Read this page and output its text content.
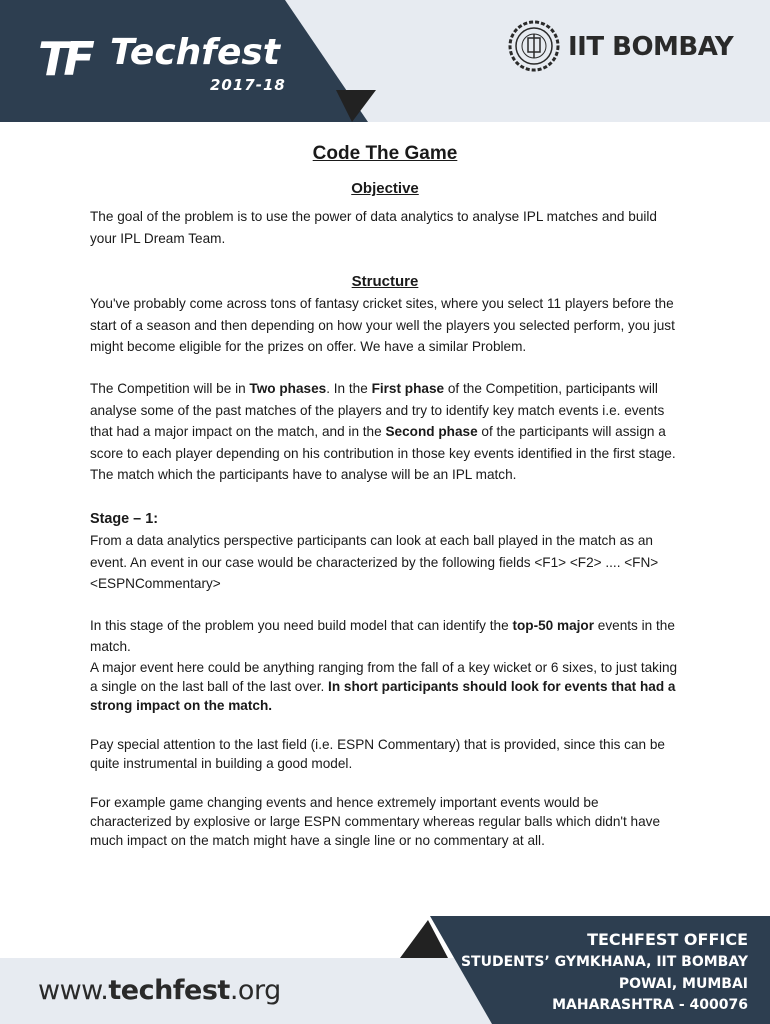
TF Techfest
2017-18
IIT BOMBAY
Code The Game
Objective

The goal of the problem is to use the power of data analytics to analyse IPL matches and build your IPL Dream Team.

Structure

You've probably come across tons of fantasy cricket sites, where you select 11 players before the start of a season and then depending on how your well the players you selected perform, you just might become eligible for the prizes on offer. We have a similar Problem.

The Competition will be in Two phases. In the First phase of the Competition, participants will analyse some of the past matches of the players and try to identify key match events i.e. events that had a major impact on the match, and in the Second phase of the participants will assign a score to each player depending on his contribution in those key events identified in the first stage. The match which the participants have to analyse will be an IPL match.

Stage – 1:

From a data analytics perspective participants can look at each ball played in the match as an event. An event in our case would be characterized by the following fields <F1> <F2> .... <FN> <ESPNCommentary>

In this stage of the problem you need build model that can identify the top-50 major events in the match.

A major event here could be anything ranging from the fall of a key wicket or 6 sixes, to just taking a single on the last ball of the last over. In short participants should look for events that had a strong impact on the match.

Pay special attention to the last field (i.e. ESPN Commentary) that is provided, since this can be quite instrumental in building a good model.

For example game changing events and hence extremely important events would be characterized by explosive or large ESPN commentary whereas regular balls which didn't have much impact on the match might have a single line or no commentary at all.

www.techfest.org
TECHFEST OFFICE
STUDENTS’ GYMKHANA, IIT BOMBAY
POWAI, MUMBAI
MAHARASHTRA - 400076
